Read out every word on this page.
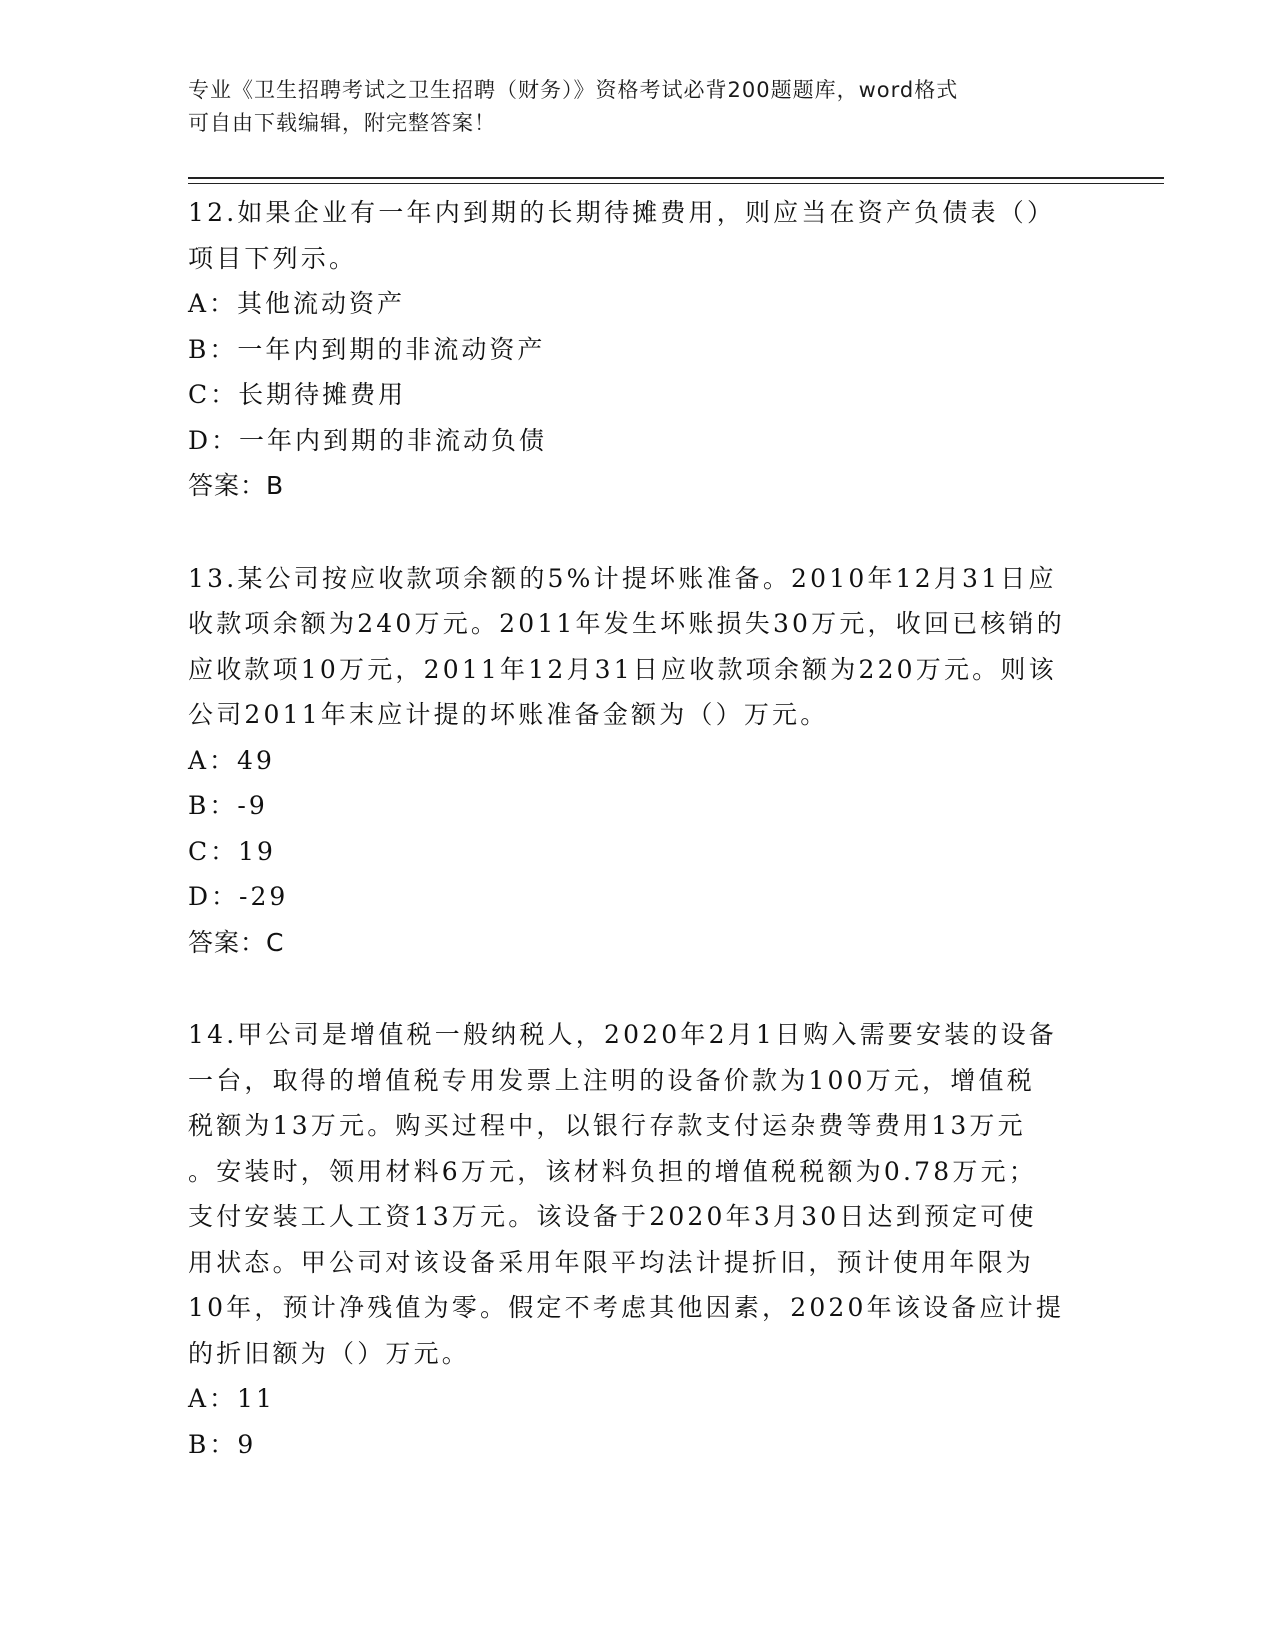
专业《卫生招聘考试之卫生招聘（财务）》资格考试必背200题题库，word格式
可自由下载编辑，附完整答案！
12.如果企业有一年内到期的长期待摊费用，则应当在资产负债表（）
项目下列示。
A：其他流动资产
B：一年内到期的非流动资产
C：长期待摊费用
D：一年内到期的非流动负债
答案：B
13.某公司按应收款项余额的5%计提坏账准备。2010年12月31日应
收款项余额为240万元。2011年发生坏账损失30万元，收回已核销的
应收款项10万元，2011年12月31日应收款项余额为220万元。则该
公司2011年末应计提的坏账准备金额为（）万元。
A：49
B：-9
C：19
D：-29
答案：C
14.甲公司是增值税一般纳税人，2020年2月1日购入需要安装的设备
一台，取得的增值税专用发票上注明的设备价款为100万元，增值税
税额为13万元。购买过程中，以银行存款支付运杂费等费用13万元
。安装时，领用材料6万元，该材料负担的增值税税额为0.78万元；
支付安装工人工资13万元。该设备于2020年3月30日达到预定可使
用状态。甲公司对该设备采用年限平均法计提折旧，预计使用年限为
10年，预计净残值为零。假定不考虑其他因素，2020年该设备应计提
的折旧额为（）万元。
A：11
B：9
